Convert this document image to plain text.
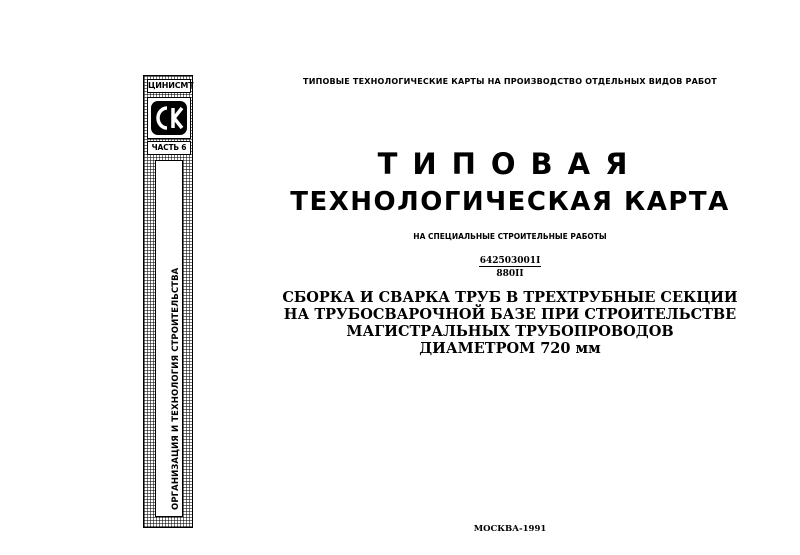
ЦИНИСМТ
ЧАСТЬ 6
ОРГАНИЗАЦИЯ И ТЕХНОЛОГИЯ СТРОИТЕЛЬСТВА
ТИПОВЫЕ ТЕХНОЛОГИЧЕСКИЕ КАРТЫ НА ПРОИЗВОДСТВО ОТДЕЛЬНЫХ ВИДОВ РАБОТ
ТИПОВАЯ
ТЕХНОЛОГИЧЕСКАЯ КАРТА
НА СПЕЦИАЛЬНЫЕ СТРОИТЕЛЬНЫЕ РАБОТЫ
642503001I
880II
СБОРКА И СВАРКА ТРУБ В ТРЕХТРУБНЫЕ СЕКЦИИ
НА ТРУБОСВАРОЧНОЙ БАЗЕ ПРИ СТРОИТЕЛЬСТВЕ
МАГИСТРАЛЬНЫХ ТРУБОПРОВОДОВ
ДИАМЕТРОМ 720 мм
МОСКВА-1991
